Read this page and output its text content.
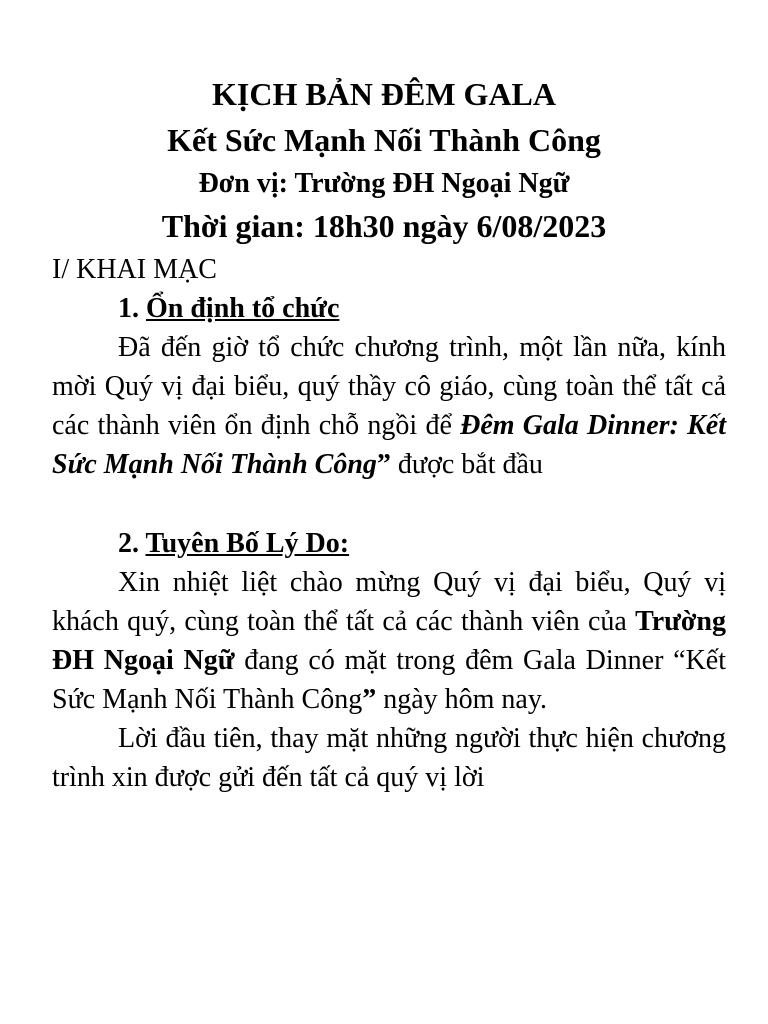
KỊCH BẢN ĐÊM GALA

Kết Sức Mạnh Nối Thành Công

Đơn vị: Trường ĐH Ngoại Ngữ

Thời gian: 18h30 ngày 6/08/2023

I/ KHAI MẠC

1. Ổn định tổ chức

Đã đến giờ tổ chức chương trình, một lần nữa, kính mời Quý vị đại biểu, quý thầy cô giáo, cùng toàn thể tất cả các thành viên ổn định chỗ ngồi để Đêm Gala Dinner: Kết Sức Mạnh Nối Thành Công” được bắt đầu

2. Tuyên Bố Lý Do:

Xin nhiệt liệt chào mừng Quý vị đại biểu, Quý vị khách quý, cùng toàn thể tất cả các thành viên của Trường ĐH Ngoại Ngữ đang có mặt trong đêm Gala Dinner “Kết Sức Mạnh Nối Thành Công” ngày hôm nay.

Lời đầu tiên, thay mặt những người thực hiện chương trình xin được gửi đến tất cả quý vị lời
